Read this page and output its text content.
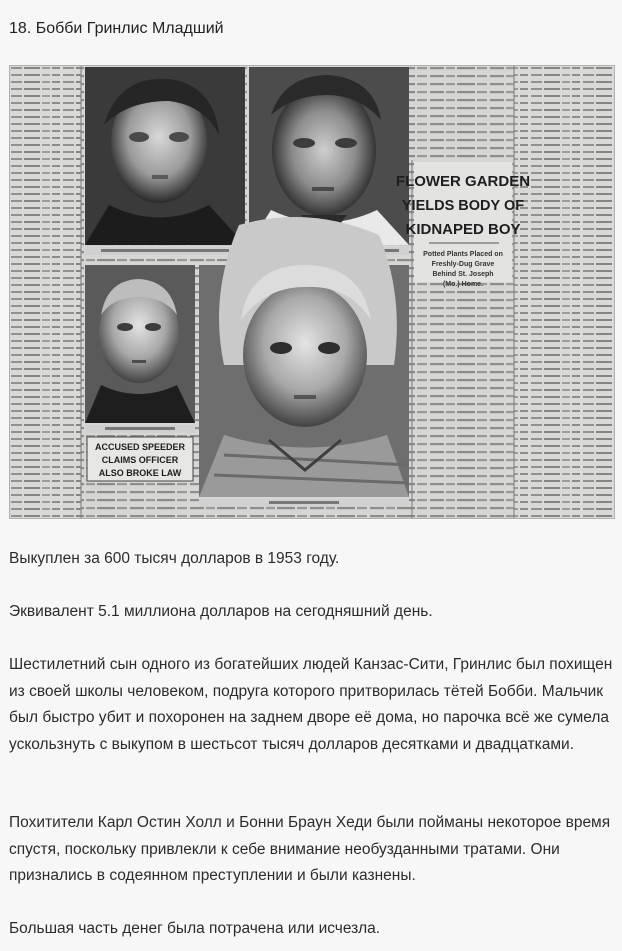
18. Бобби Гринлис Младший
FLOWER GARDEN
YIELDS BODY OF
KIDNAPED BOY
Potted Plants Placed on
Freshly-Dug Grave
Behind St. Joseph
(Mo.) Home.
ACCUSED SPEEDER
CLAIMS OFFICER
ALSO BROKE LAW

Выкуплен за 600 тысяч долларов в 1953 году.

Эквивалент 5.1 миллиона долларов на сегодняшний день.

Шестилетний сын одного из богатейших людей Канзас-Сити, Гринлис был похищен из своей школы человеком, подруга которого притворилась тётей Бобби. Мальчик был быстро убит и похоронен на заднем дворе её дома, но парочка всё же сумела ускользнуть с выкупом в шестьсот тысяч долларов десятками и двадцатками.

Похитители Карл Остин Холл и Бонни Браун Хеди были пойманы некоторое время спустя, поскольку привлекли к себе внимание необузданными тратами. Они признались в содеянном преступлении и были казнены.

Большая часть денег была потрачена или исчезла.
